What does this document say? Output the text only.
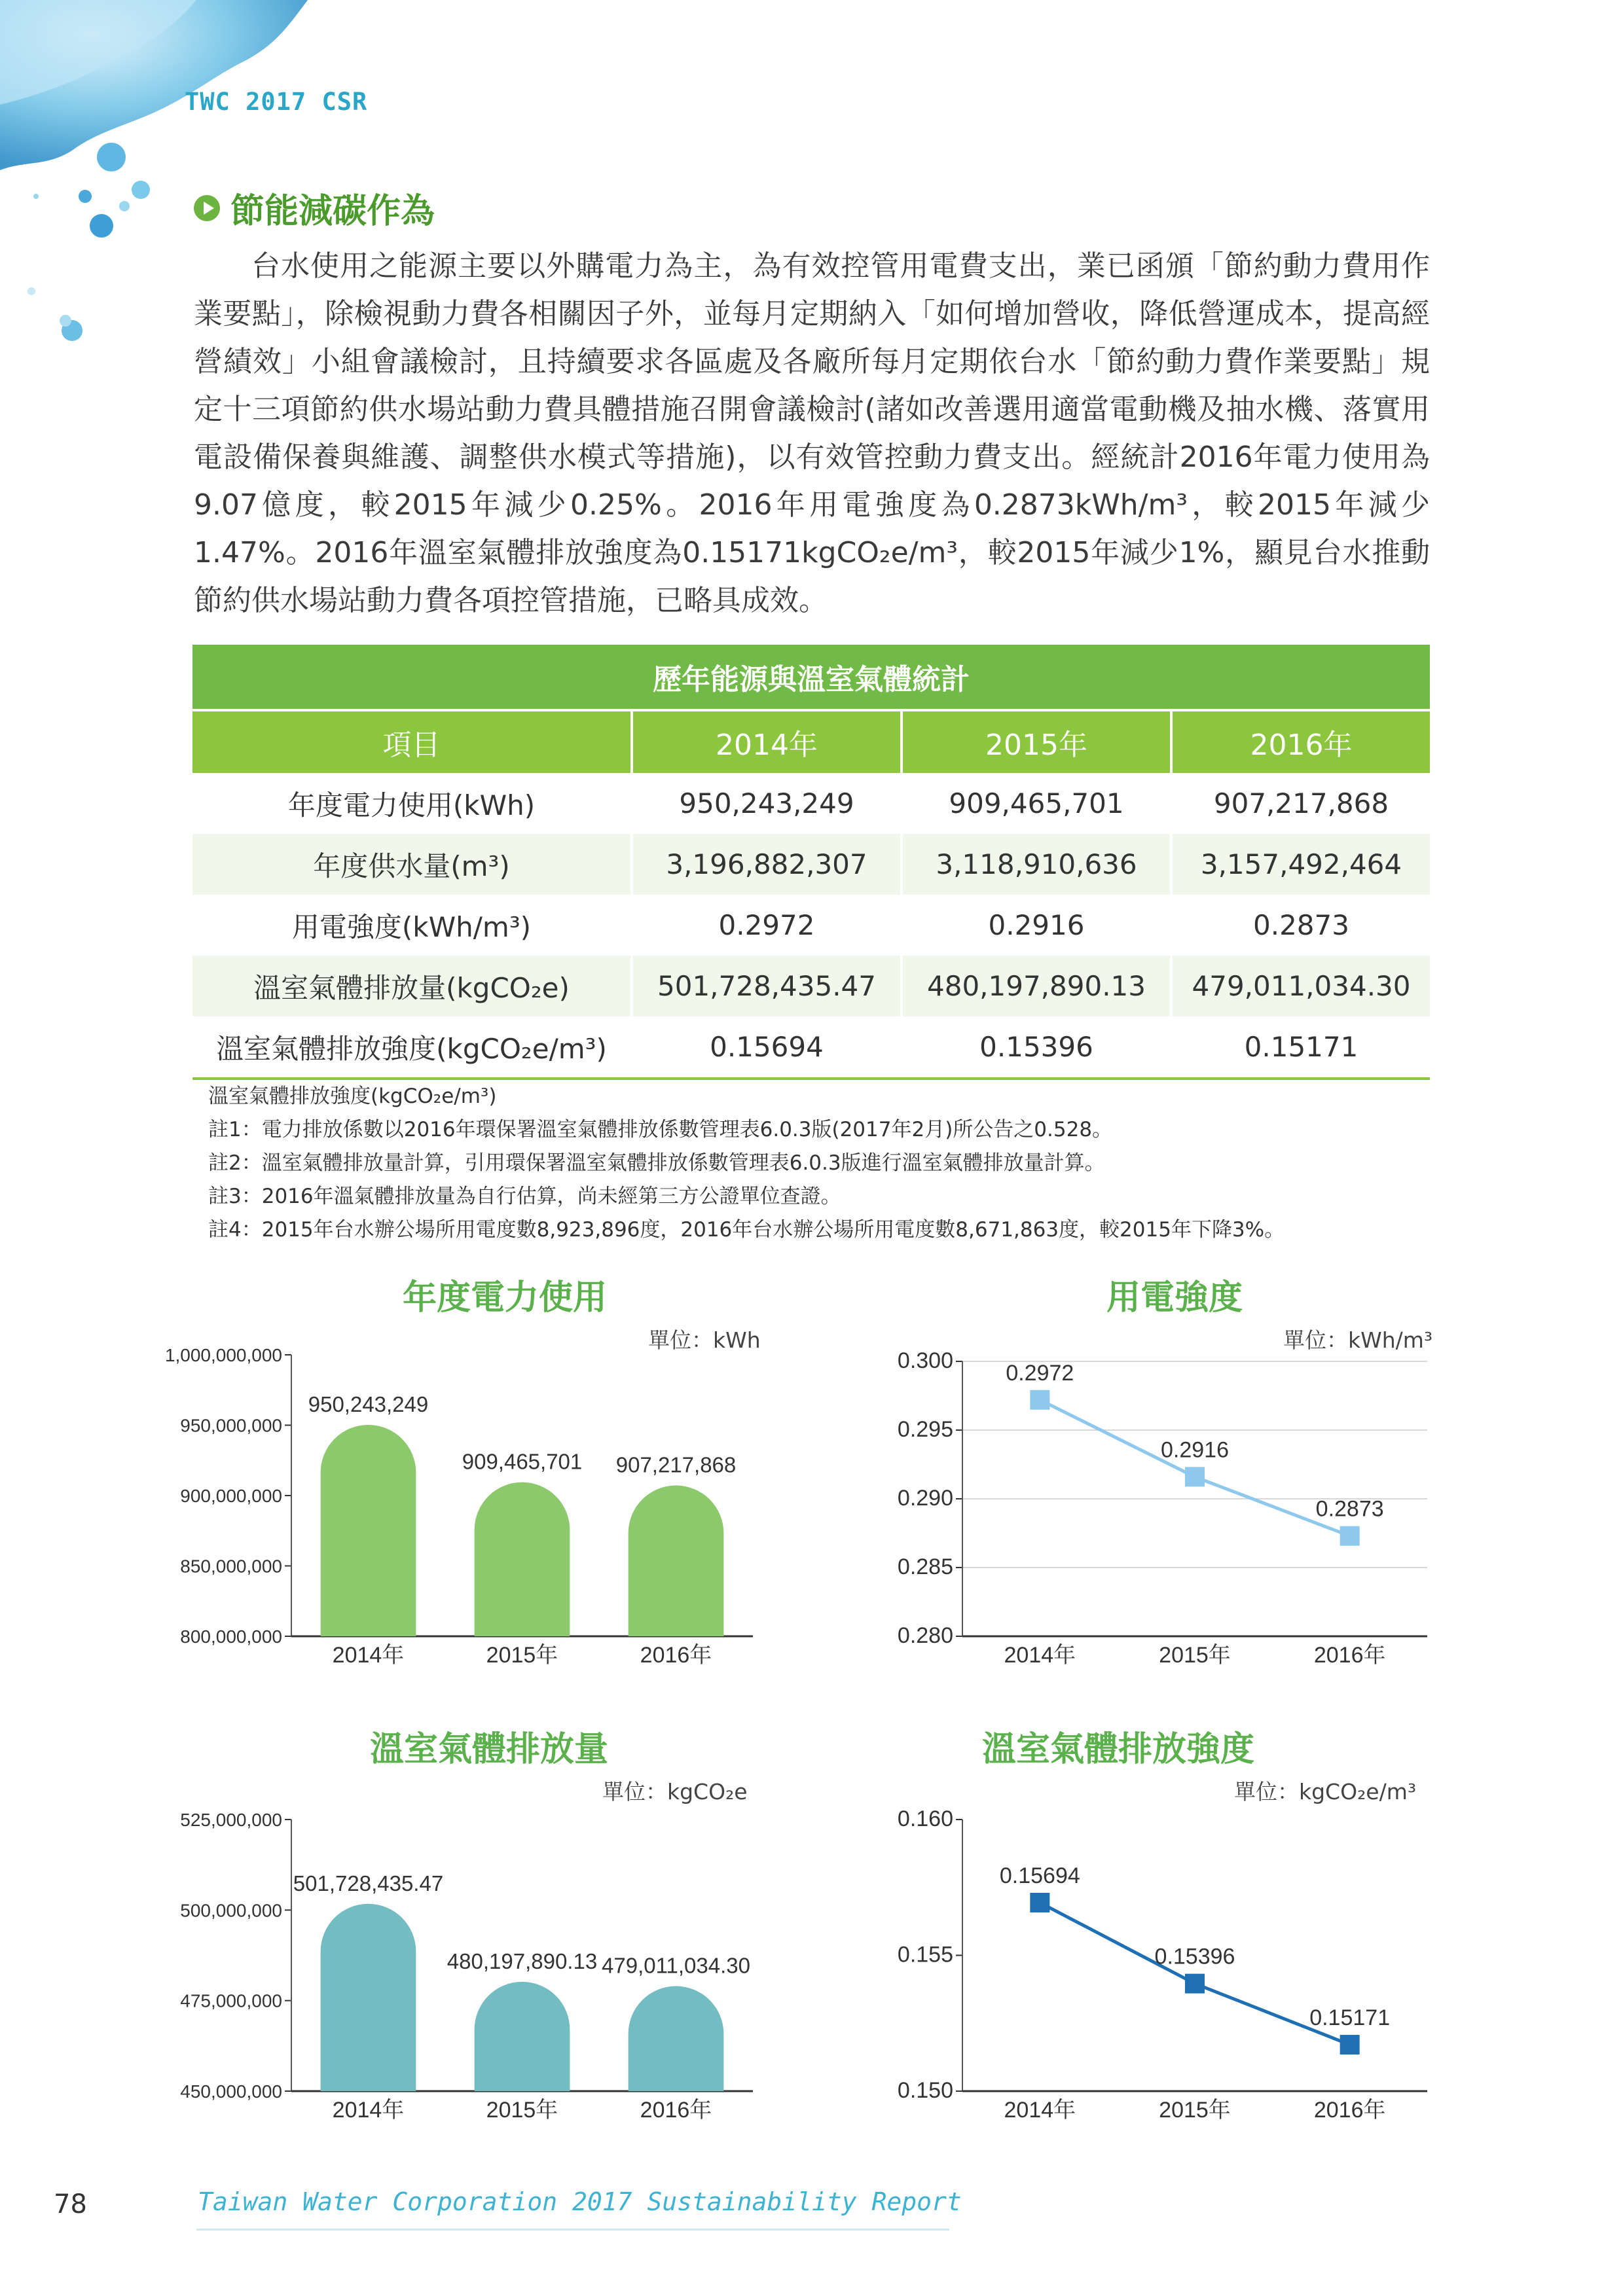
TWC 2017 CSR
節能減碳作為

台水使用之能源主要以外購電力為主，為有效控管用電費支出，業已函頒「節約動力費用作業要點」，除檢視動力費各相關因子外，並每月定期納入「如何增加營收，降低營運成本，提高經營績效」小組會議檢討，且持續要求各區處及各廠所每月定期依台水「節約動力費作業要點」規定十三項節約供水場站動力費具體措施召開會議檢討(諸如改善選用適當電動機及抽水機、落實用電設備保養與維護、調整供水模式等措施)，以有效管控動力費支出。經統計2016年電力使用為9.07億度，較2015年減少0.25%。2016年用電強度為0.2873kWh/m³，較2015年減少1.47%。2016年溫室氣體排放強度為0.15171kgCO₂e/m³，較2015年減少1%，顯見台水推動節約供水場站動力費各項控管措施，已略具成效。

歷年能源與溫室氣體統計			
項目	2014年	2015年	2016年
年度電力使用(kWh)	950,243,249	909,465,701	907,217,868
年度供水量(m³)	3,196,882,307	3,118,910,636	3,157,492,464
用電強度(kWh/m³)	0.2972	0.2916	0.2873
溫室氣體排放量(kgCO₂e)	501,728,435.47	480,197,890.13	479,011,034.30
溫室氣體排放強度(kgCO₂e/m³)	0.15694	0.15396	0.15171
溫室氣體排放強度(kgCO₂e/m³)
註1：電力排放係數以2016年環保署溫室氣體排放係數管理表6.0.3版(2017年2月)所公告之0.528。
註2：溫室氣體排放量計算，引用環保署溫室氣體排放係數管理表6.0.3版進行溫室氣體排放量計算。
註3：2016年溫氣體排放量為自行估算，尚未經第三方公證單位查證。
註4：2015年台水辦公場所用電度數8,923,896度，2016年台水辦公場所用電度數8,671,863度，較2015年下降3%。
年度電力使用
單位：kWh
800,000,000
850,000,000
900,000,000
950,000,000
1,000,000,000
2014年	2015年	2016年
950,243,249
909,465,701 907,217,868
用電強度
單位：kWh/m³
0.280
0.285
0.290
0.295
0.300
2014年	2015年	2016年
0.2972
0.2916
0.2873
溫室氣體排放量
單位：kgCO₂e
450,000,000
475,000,000
500,000,000
525,000,000
2014年	2015年	2016年
501,728,435.47
480,197,890.13 479,011,034.30
溫室氣體排放強度
單位：kgCO₂e/m³
0.150
0.155
0.160
2014年	2015年	2016年
0.15694
0.15396
0.15171
78	Taiwan Water Corporation 2017 Sustainability Report
